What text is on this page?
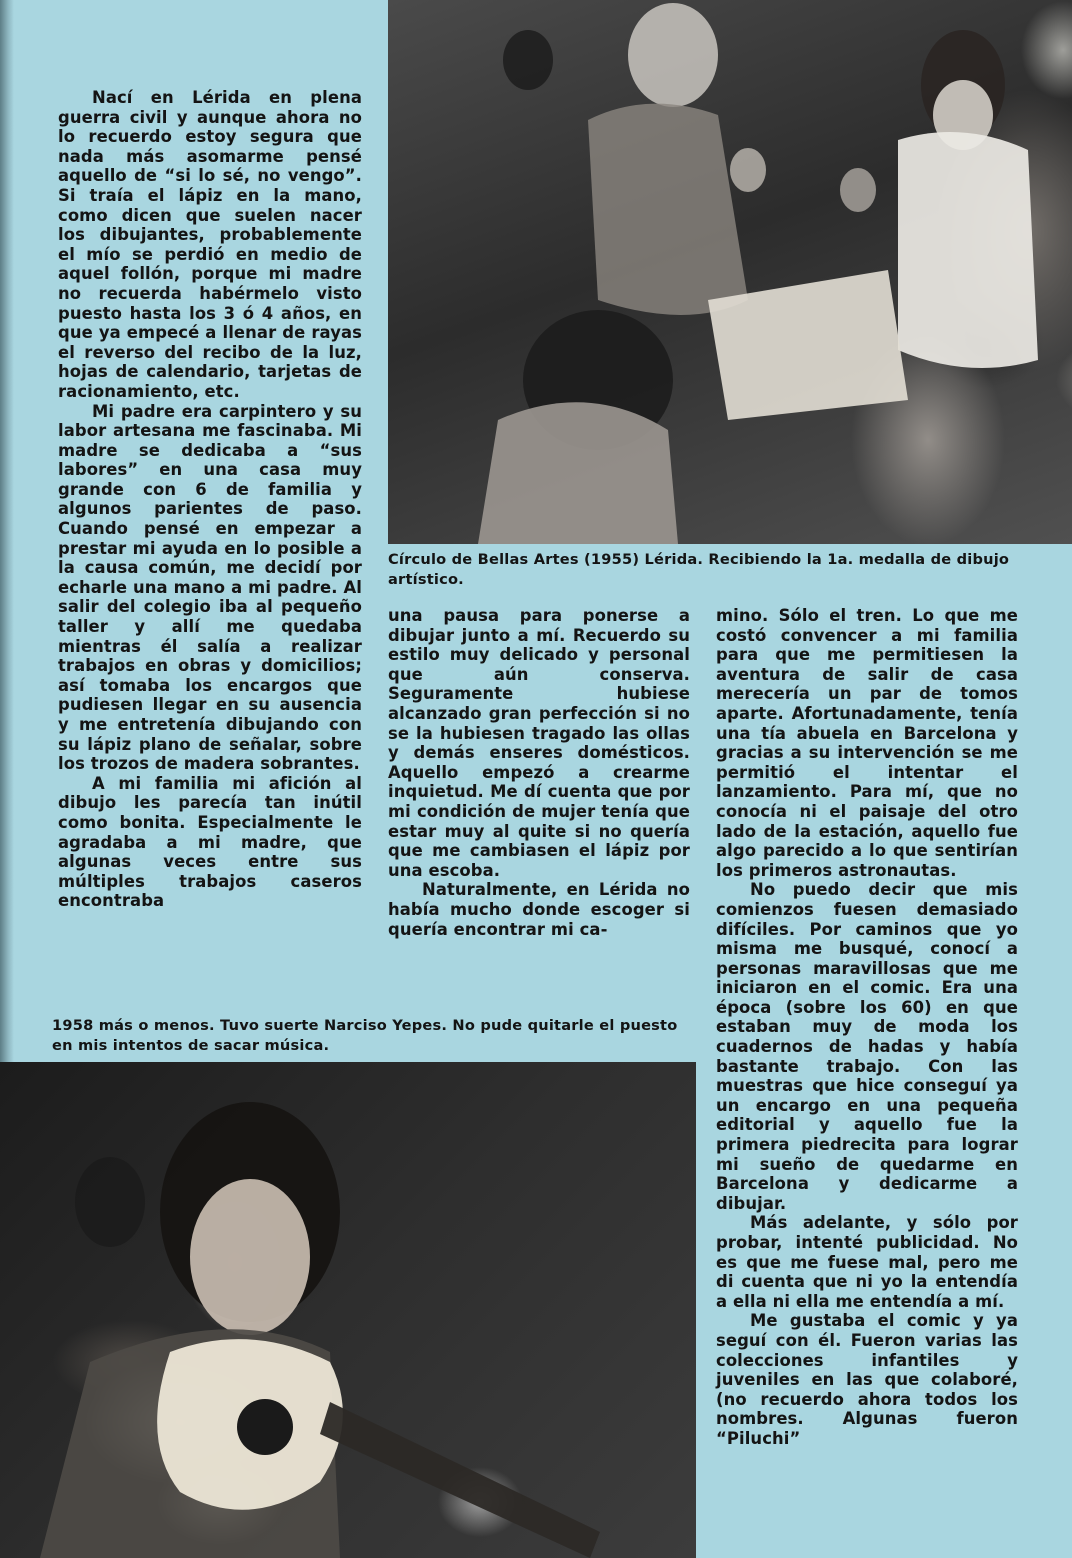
Nací en Lérida en plena guerra civil y aunque ahora no lo recuerdo estoy segura que nada más asomarme pensé aquello de “si lo sé, no vengo”. Si traía el lápiz en la mano, como dicen que suelen nacer los dibujantes, probablemente el mío se perdió en medio de aquel follón, porque mi madre no recuerda habérmelo visto puesto hasta los 3 ó 4 años, en que ya empecé a llenar de rayas el reverso del recibo de la luz, hojas de calendario, tarjetas de racionamiento, etc.

Mi padre era carpintero y su labor artesana me fascinaba. Mi madre se dedicaba a “sus labores” en una casa muy grande con 6 de familia y algunos parientes de paso. Cuando pensé en empezar a prestar mi ayuda en lo posible a la causa común, me decidí por echarle una mano a mi padre. Al salir del colegio iba al pequeño taller y allí me quedaba mientras él salía a realizar trabajos en obras y domicilios; así tomaba los encargos que pudiesen llegar en su ausencia y me entretenía dibujando con su lápiz plano de señalar, sobre los trozos de madera sobrantes.

A mi familia mi afición al dibujo les parecía tan inútil como bonita. Especialmente le agradaba a mi madre, que algunas veces entre sus múltiples trabajos caseros encontraba

Círculo de Bellas Artes (1955) Lérida. Recibiendo la 1a. medalla de dibujo artístico.

una pausa para ponerse a dibujar junto a mí. Recuerdo su estilo muy delicado y personal que aún conserva. Seguramente hubiese alcanzado gran perfección si no se la hubiesen tragado las ollas y demás enseres domésticos. Aquello empezó a crearme inquietud. Me dí cuenta que por mi condición de mujer tenía que estar muy al quite si no quería que me cambiasen el lápiz por una escoba.

Naturalmente, en Lérida no había mucho donde escoger si quería encontrar mi ca-

mino. Sólo el tren. Lo que me costó convencer a mi familia para que me permitiesen la aventura de salir de casa merecería un par de tomos aparte. Afortunadamente, tenía una tía abuela en Barcelona y gracias a su intervención se me permitió el intentar el lanzamiento. Para mí, que no conocía ni el paisaje del otro lado de la estación, aquello fue algo parecido a lo que sentirían los primeros astronautas.

No puedo decir que mis comienzos fuesen demasiado difíciles. Por caminos que yo misma me busqué, conocí a personas maravillosas que me iniciaron en el comic. Era una época (sobre los 60) en que estaban muy de moda los cuadernos de hadas y había bastante trabajo. Con las muestras que hice conseguí ya un encargo en una pequeña editorial y aquello fue la primera piedrecita para lograr mi sueño de quedarme en Barcelona y dedicarme a dibujar.

Más adelante, y sólo por probar, intenté publicidad. No es que me fuese mal, pero me di cuenta que ni yo la entendía a ella ni ella me entendía a mí.

Me gustaba el comic y ya seguí con él. Fueron varias las colecciones infantiles y juveniles en las que colaboré, (no recuerdo ahora todos los nombres. Algunas fueron “Piluchi”

1958 más o menos. Tuvo suerte Narciso Yepes. No pude quitarle el puesto en mis intentos de sacar música.
